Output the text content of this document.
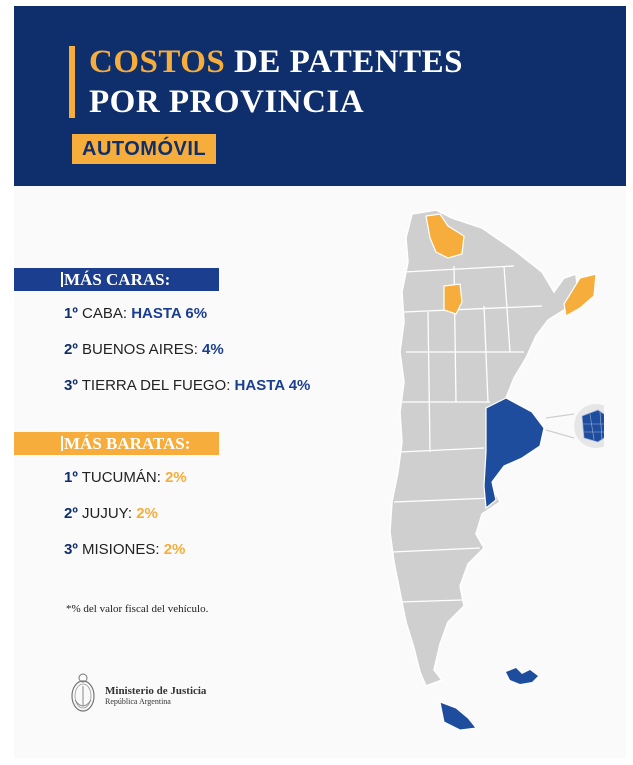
COSTOS DE PATENTES
POR PROVINCIA
AUTOMÓVIL
MÁS CARAS:
1º CABA: HASTA 6%
2º BUENOS AIRES: 4%
3º TIERRA DEL FUEGO: HASTA 4%
MÁS BARATAS:
1º TUCUMÁN: 2%
2º JUJUY: 2%
3º MISIONES: 2%
*% del valor fiscal del vehículo.
Ministerio de Justicia
República Argentina
